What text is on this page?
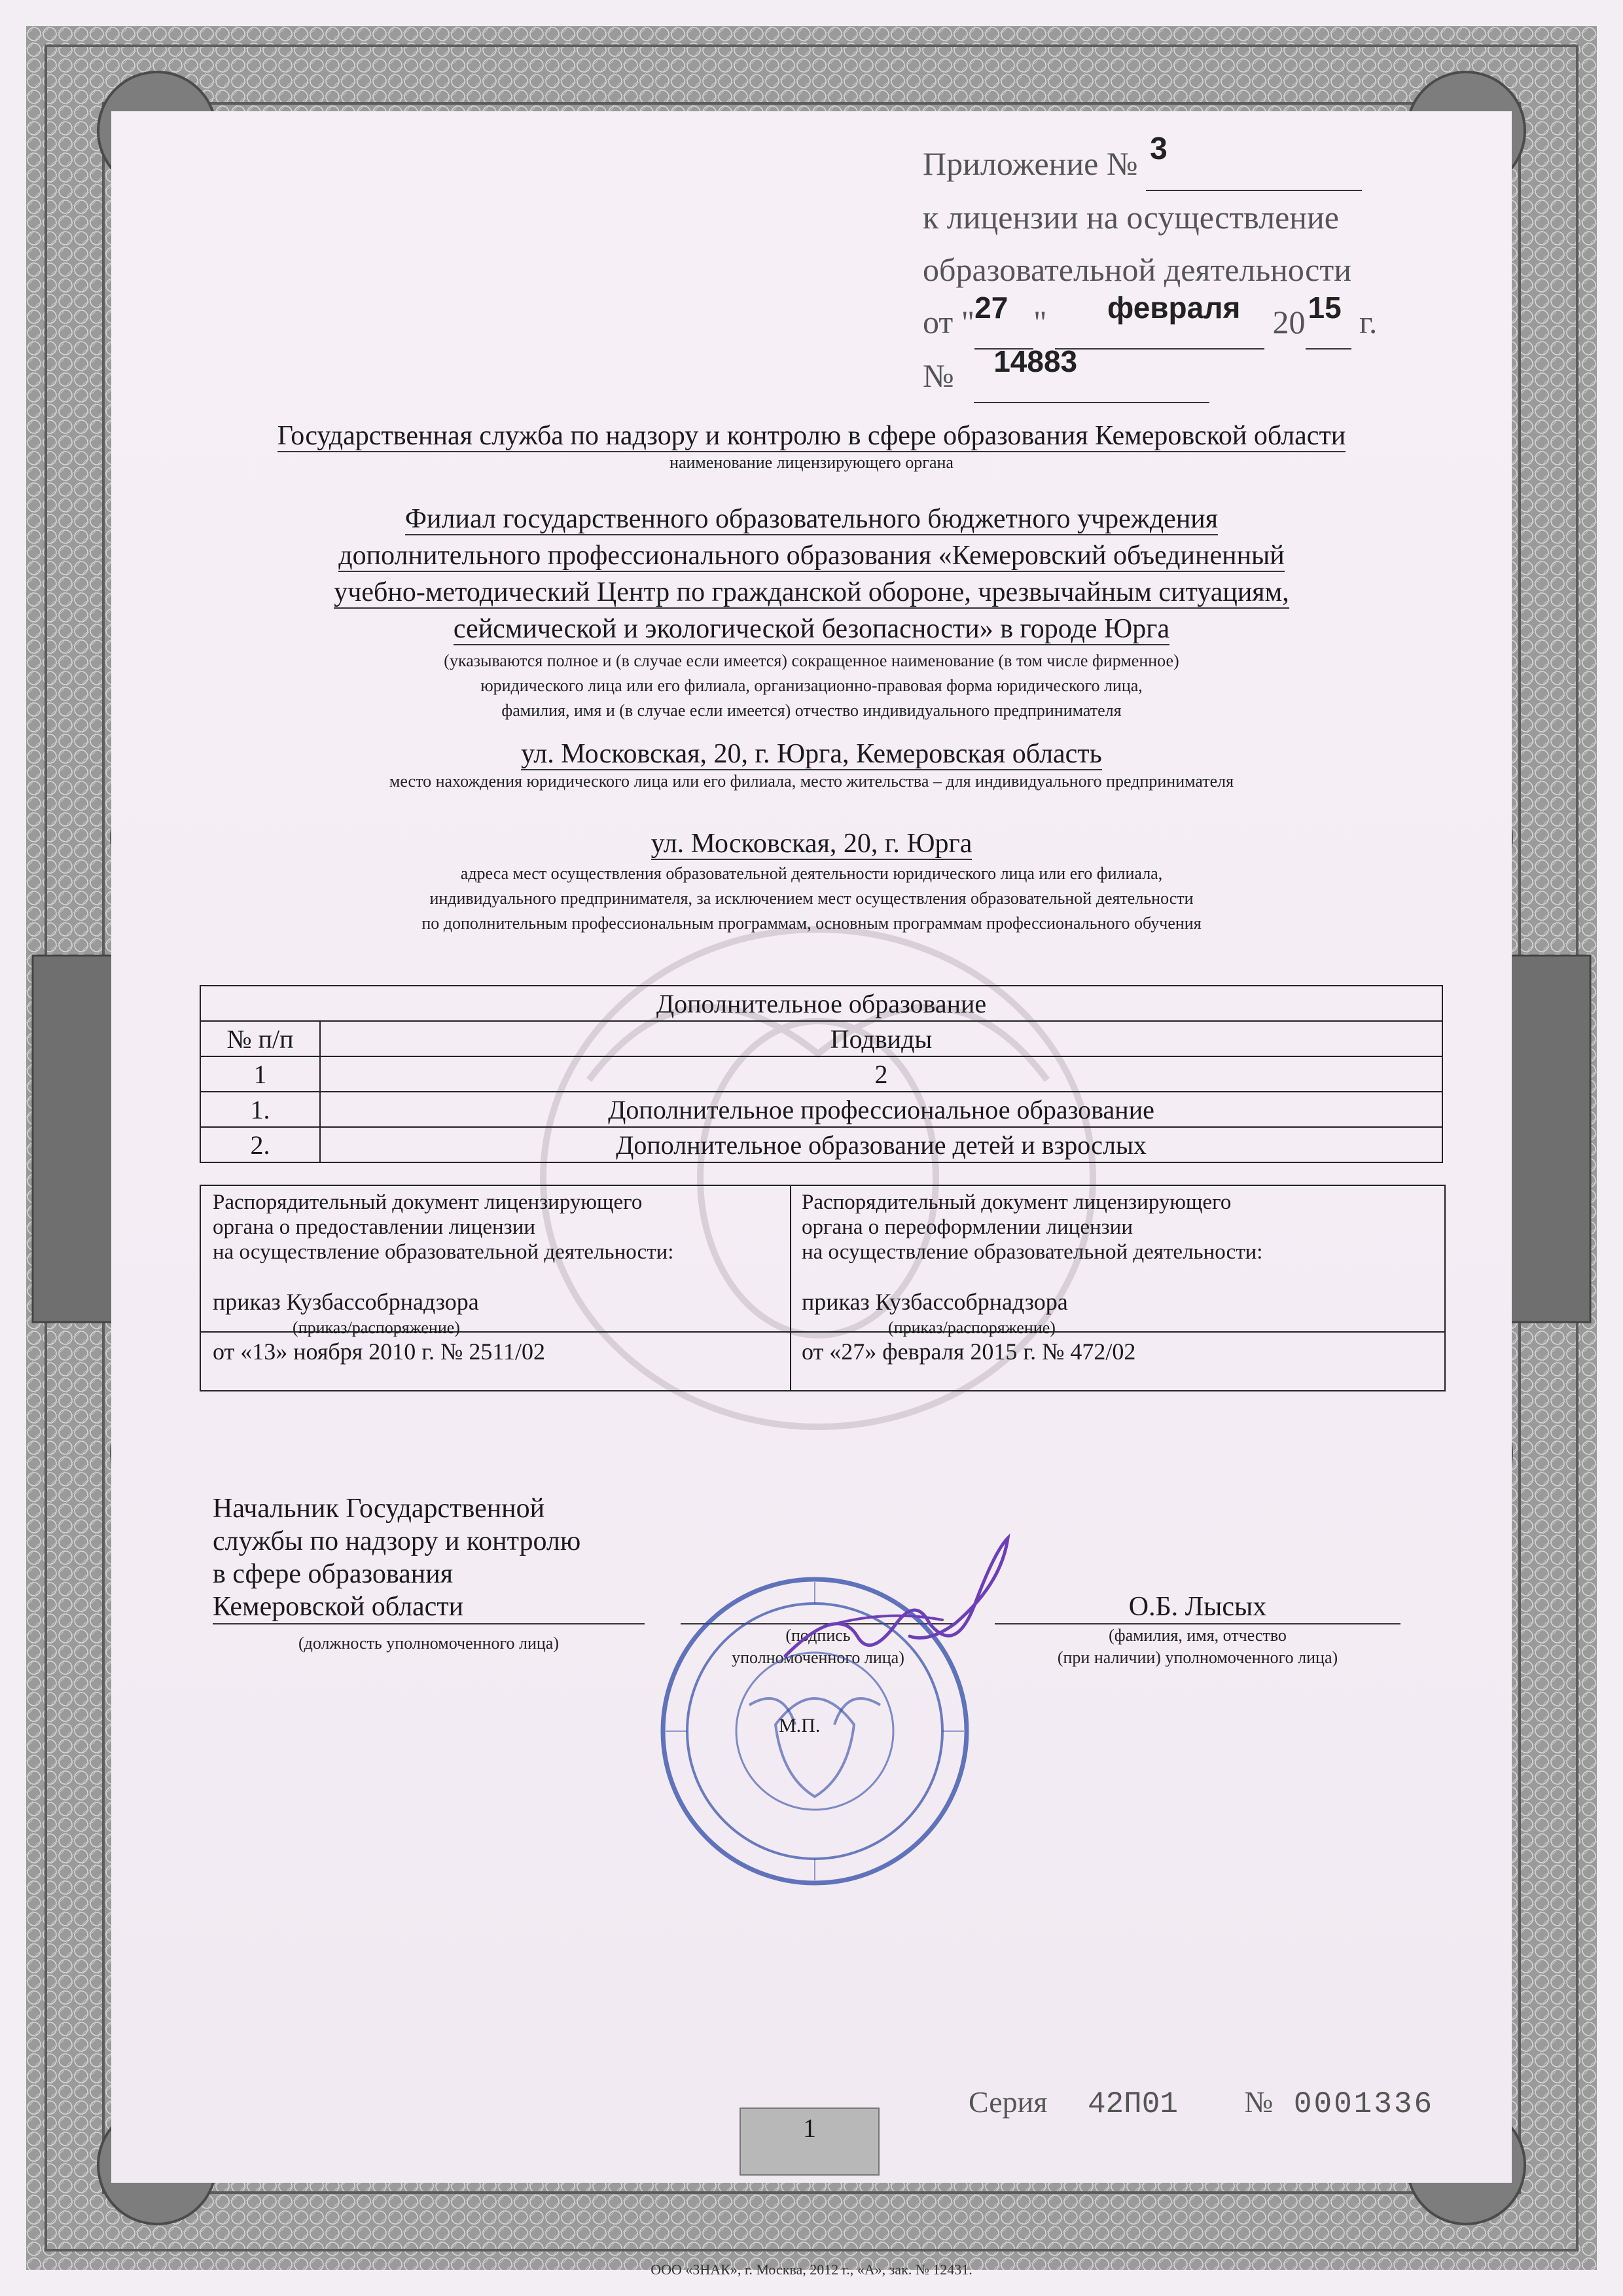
Приложение № 3

к лицензии на осуществление
образовательной деятельности
от " 27 " февраля 20 15 г.
№ 14883

Государственная служба по надзору и контролю в сфере образования Кемеровской области
наименование лицензирующего органа
Филиал государственного образовательного бюджетного учреждения
дополнительного профессионального образования «Кемеровский объединенный
учебно-методический Центр по гражданской обороне, чрезвычайным ситуациям,
сейсмической и экологической безопасности» в городе Юрга
(указываются полное и (в случае если имеется) сокращенное наименование (в том числе фирменное)
юридического лица или его филиала, организационно-правовая форма юридического лица,
фамилия, имя и (в случае если имеется) отчество индивидуального предпринимателя
ул. Московская, 20, г. Юрга, Кемеровская область
место нахождения юридического лица или его филиала, место жительства – для индивидуального предпринимателя
ул. Московская, 20, г. Юрга
адреса мест осуществления образовательной деятельности юридического лица или его филиала,
индивидуального предпринимателя, за исключением мест осуществления образовательной деятельности
по дополнительным профессиональным программам, основным программам профессионального обучения
Дополнительное образование	
№ п/п	Подвиды
1	2
1.	Дополнительное профессиональное образование
2.	Дополнительное образование детей и взрослых
Распорядительный документ лицензирующего
органа о предоставлении лицензии
на осуществление образовательной деятельности:
приказ Кузбассобрнадзора
(приказ/распоряжение)
от «13» ноября 2010 г. № 2511/02
Распорядительный документ лицензирующего
органа о переоформлении лицензии
на осуществление образовательной деятельности:
приказ Кузбассобрнадзора
(приказ/распоряжение)
от «27» февраля 2015 г. № 472/02
Начальник Государственной
службы по надзору и контролю
в сфере образования
Кемеровской области
(должность уполномоченного лица)	(подпись
уполномоченного лица)
О.Б. Лысых
(фамилия, имя, отчество
(при наличии) уполномоченного лица)
М.П.
Серия 42П01 № 0001336
1
ООО «ЗНАК», г. Москва, 2012 г., «А», зак. № 12431.
